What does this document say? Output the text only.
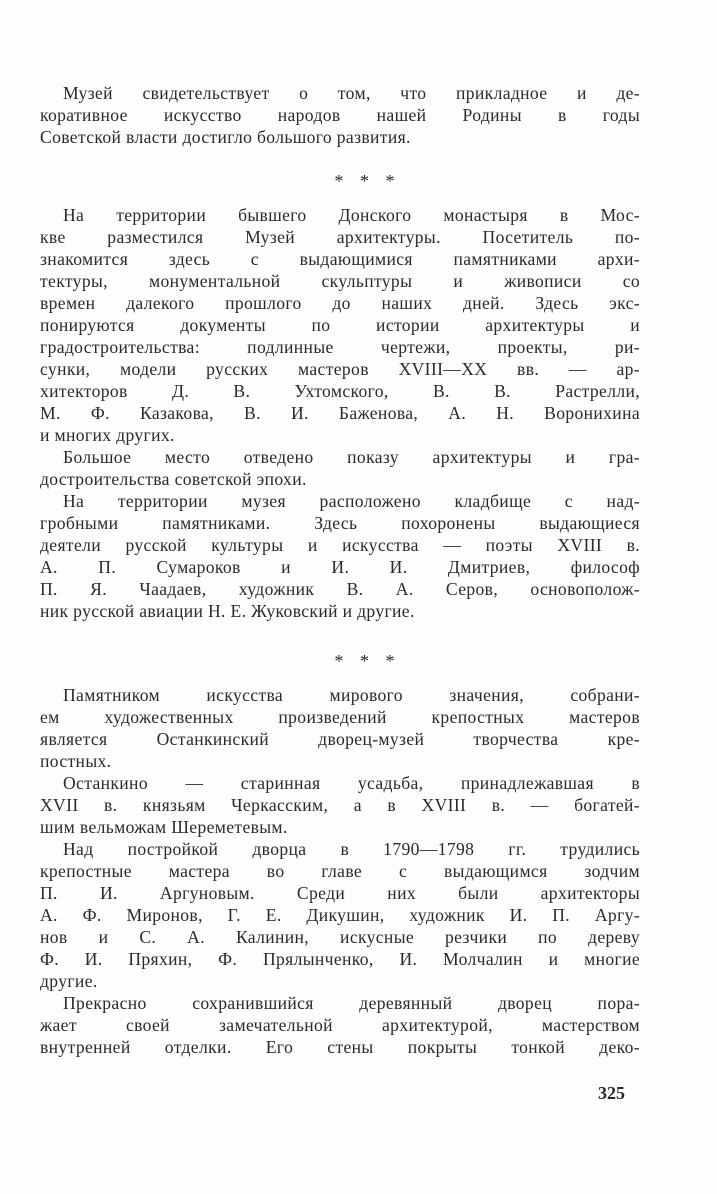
Музей свидетельствует о том, что прикладное и де-
коративное искусство народов нашей Родины в годы
Советской власти достигло большого развития.
* * *
На территории бывшего Донского монастыря в Мос-
кве разместился Музей архитектуры. Посетитель по-
знакомится здесь с выдающимися памятниками архи-
тектуры, монументальной скульптуры и живописи со
времен далекого прошлого до наших дней. Здесь экс-
понируются документы по истории архитектуры и
градостроительства: подлинные чертежи, проекты, ри-
сунки, модели русских мастеров XVIII—XX вв. — ар-
хитекторов Д. В. Ухтомского, В. В. Растрелли,
М. Ф. Казакова, В. И. Баженова, А. Н. Воронихина
и многих других.
Большое место отведено показу архитектуры и гра-
достроительства советской эпохи.
На территории музея расположено кладбище с над-
гробными памятниками. Здесь похоронены выдающиеся
деятели русской культуры и искусства — поэты XVIII в.
А. П. Сумароков и И. И. Дмитриев, философ
П. Я. Чаадаев, художник В. А. Серов, основополож-
ник русской авиации Н. Е. Жуковский и другие.
* * *
Памятником искусства мирового значения, собрани-
ем художественных произведений крепостных мастеров
является Останкинский дворец-музей творчества кре-
постных.
Останкино — старинная усадьба, принадлежавшая в
XVII в. князьям Черкасским, а в XVIII в. — богатей-
шим вельможам Шереметевым.
Над постройкой дворца в 1790—1798 гг. трудились
крепостные мастера во главе с выдающимся зодчим
П. И. Аргуновым. Среди них были архитекторы
А. Ф. Миронов, Г. Е. Дикушин, художник И. П. Аргу-
нов и С. А. Калинин, искусные резчики по дереву
Ф. И. Пряхин, Ф. Прялынченко, И. Молчалин и многие
другие.
Прекрасно сохранившийся деревянный дворец пора-
жает своей замечательной архитектурой, мастерством
внутренней отделки. Его стены покрыты тонкой деко-
325
